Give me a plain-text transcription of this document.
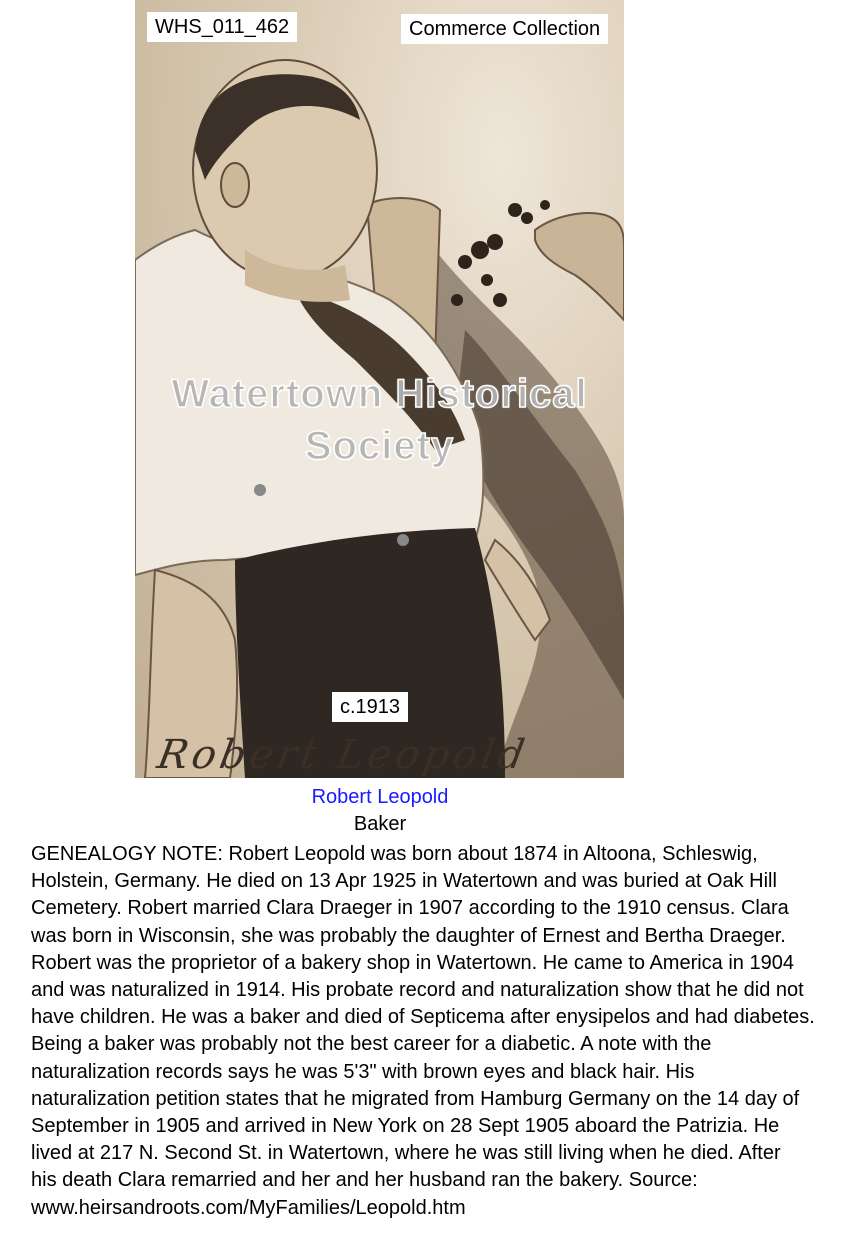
WHS_011_462	Commerce Collection
Watertown Historical
Society
c.1913
Robert Leopold
Robert Leopold
Baker
GENEALOGY NOTE: Robert Leopold was born about 1874 in Altoona, Schleswig,
Holstein, Germany. He died on 13 Apr 1925 in Watertown and was buried at Oak Hill
Cemetery. Robert married Clara Draeger in 1907 according to the 1910 census. Clara
was born in Wisconsin, she was probably the daughter of Ernest and Bertha Draeger.
Robert was the proprietor of a bakery shop in Watertown. He came to America in 1904
and was naturalized in 1914. His probate record and naturalization show that he did not
have children. He was a baker and died of Septicema after enysipelos and had diabetes.
Being a baker was probably not the best career for a diabetic. A note with the
naturalization records says he was 5'3" with brown eyes and black hair. His
naturalization petition states that he migrated from Hamburg Germany on the 14 day of
September in 1905 and arrived in New York on 28 Sept 1905 aboard the Patrizia. He
lived at 217 N. Second St. in Watertown, where he was still living when he died. After
his death Clara remarried and her and her husband ran the bakery. Source:
www.heirsandroots.com/MyFamilies/Leopold.htm
